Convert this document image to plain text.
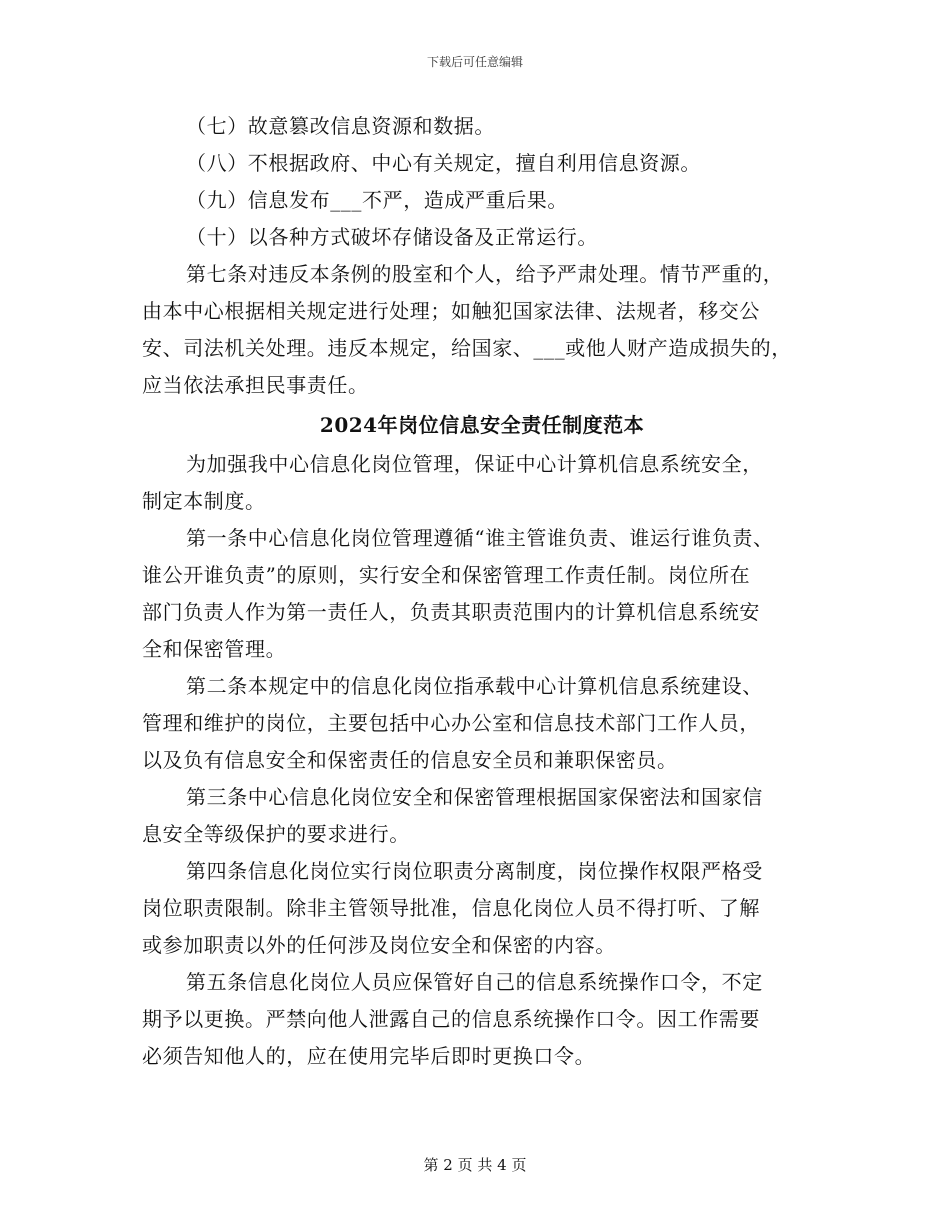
下载后可任意编辑
（七）故意篡改信息资源和数据。
（八）不根据政府、中心有关规定，擅自利用信息资源。
（九）信息发布___不严，造成严重后果。
（十）以各种方式破坏存储设备及正常运行。
第七条对违反本条例的股室和个人，给予严肃处理。情节严重的，
由本中心根据相关规定进行处理；如触犯国家法律、法规者，移交公
安、司法机关处理。违反本规定，给国家、___或他人财产造成损失的，
应当依法承担民事责任。
2024年岗位信息安全责任制度范本
为加强我中心信息化岗位管理，保证中心计算机信息系统安全，
制定本制度。
第一条中心信息化岗位管理遵循“谁主管谁负责、谁运行谁负责、
谁公开谁负责”的原则，实行安全和保密管理工作责任制。岗位所在
部门负责人作为第一责任人，负责其职责范围内的计算机信息系统安
全和保密管理。
第二条本规定中的信息化岗位指承载中心计算机信息系统建设、
管理和维护的岗位，主要包括中心办公室和信息技术部门工作人员，
以及负有信息安全和保密责任的信息安全员和兼职保密员。
第三条中心信息化岗位安全和保密管理根据国家保密法和国家信
息安全等级保护的要求进行。
第四条信息化岗位实行岗位职责分离制度，岗位操作权限严格受
岗位职责限制。除非主管领导批准，信息化岗位人员不得打听、了解
或参加职责以外的任何涉及岗位安全和保密的内容。
第五条信息化岗位人员应保管好自己的信息系统操作口令，不定
期予以更换。严禁向他人泄露自己的信息系统操作口令。因工作需要
必须告知他人的，应在使用完毕后即时更换口令。
第 2 页 共 4 页
